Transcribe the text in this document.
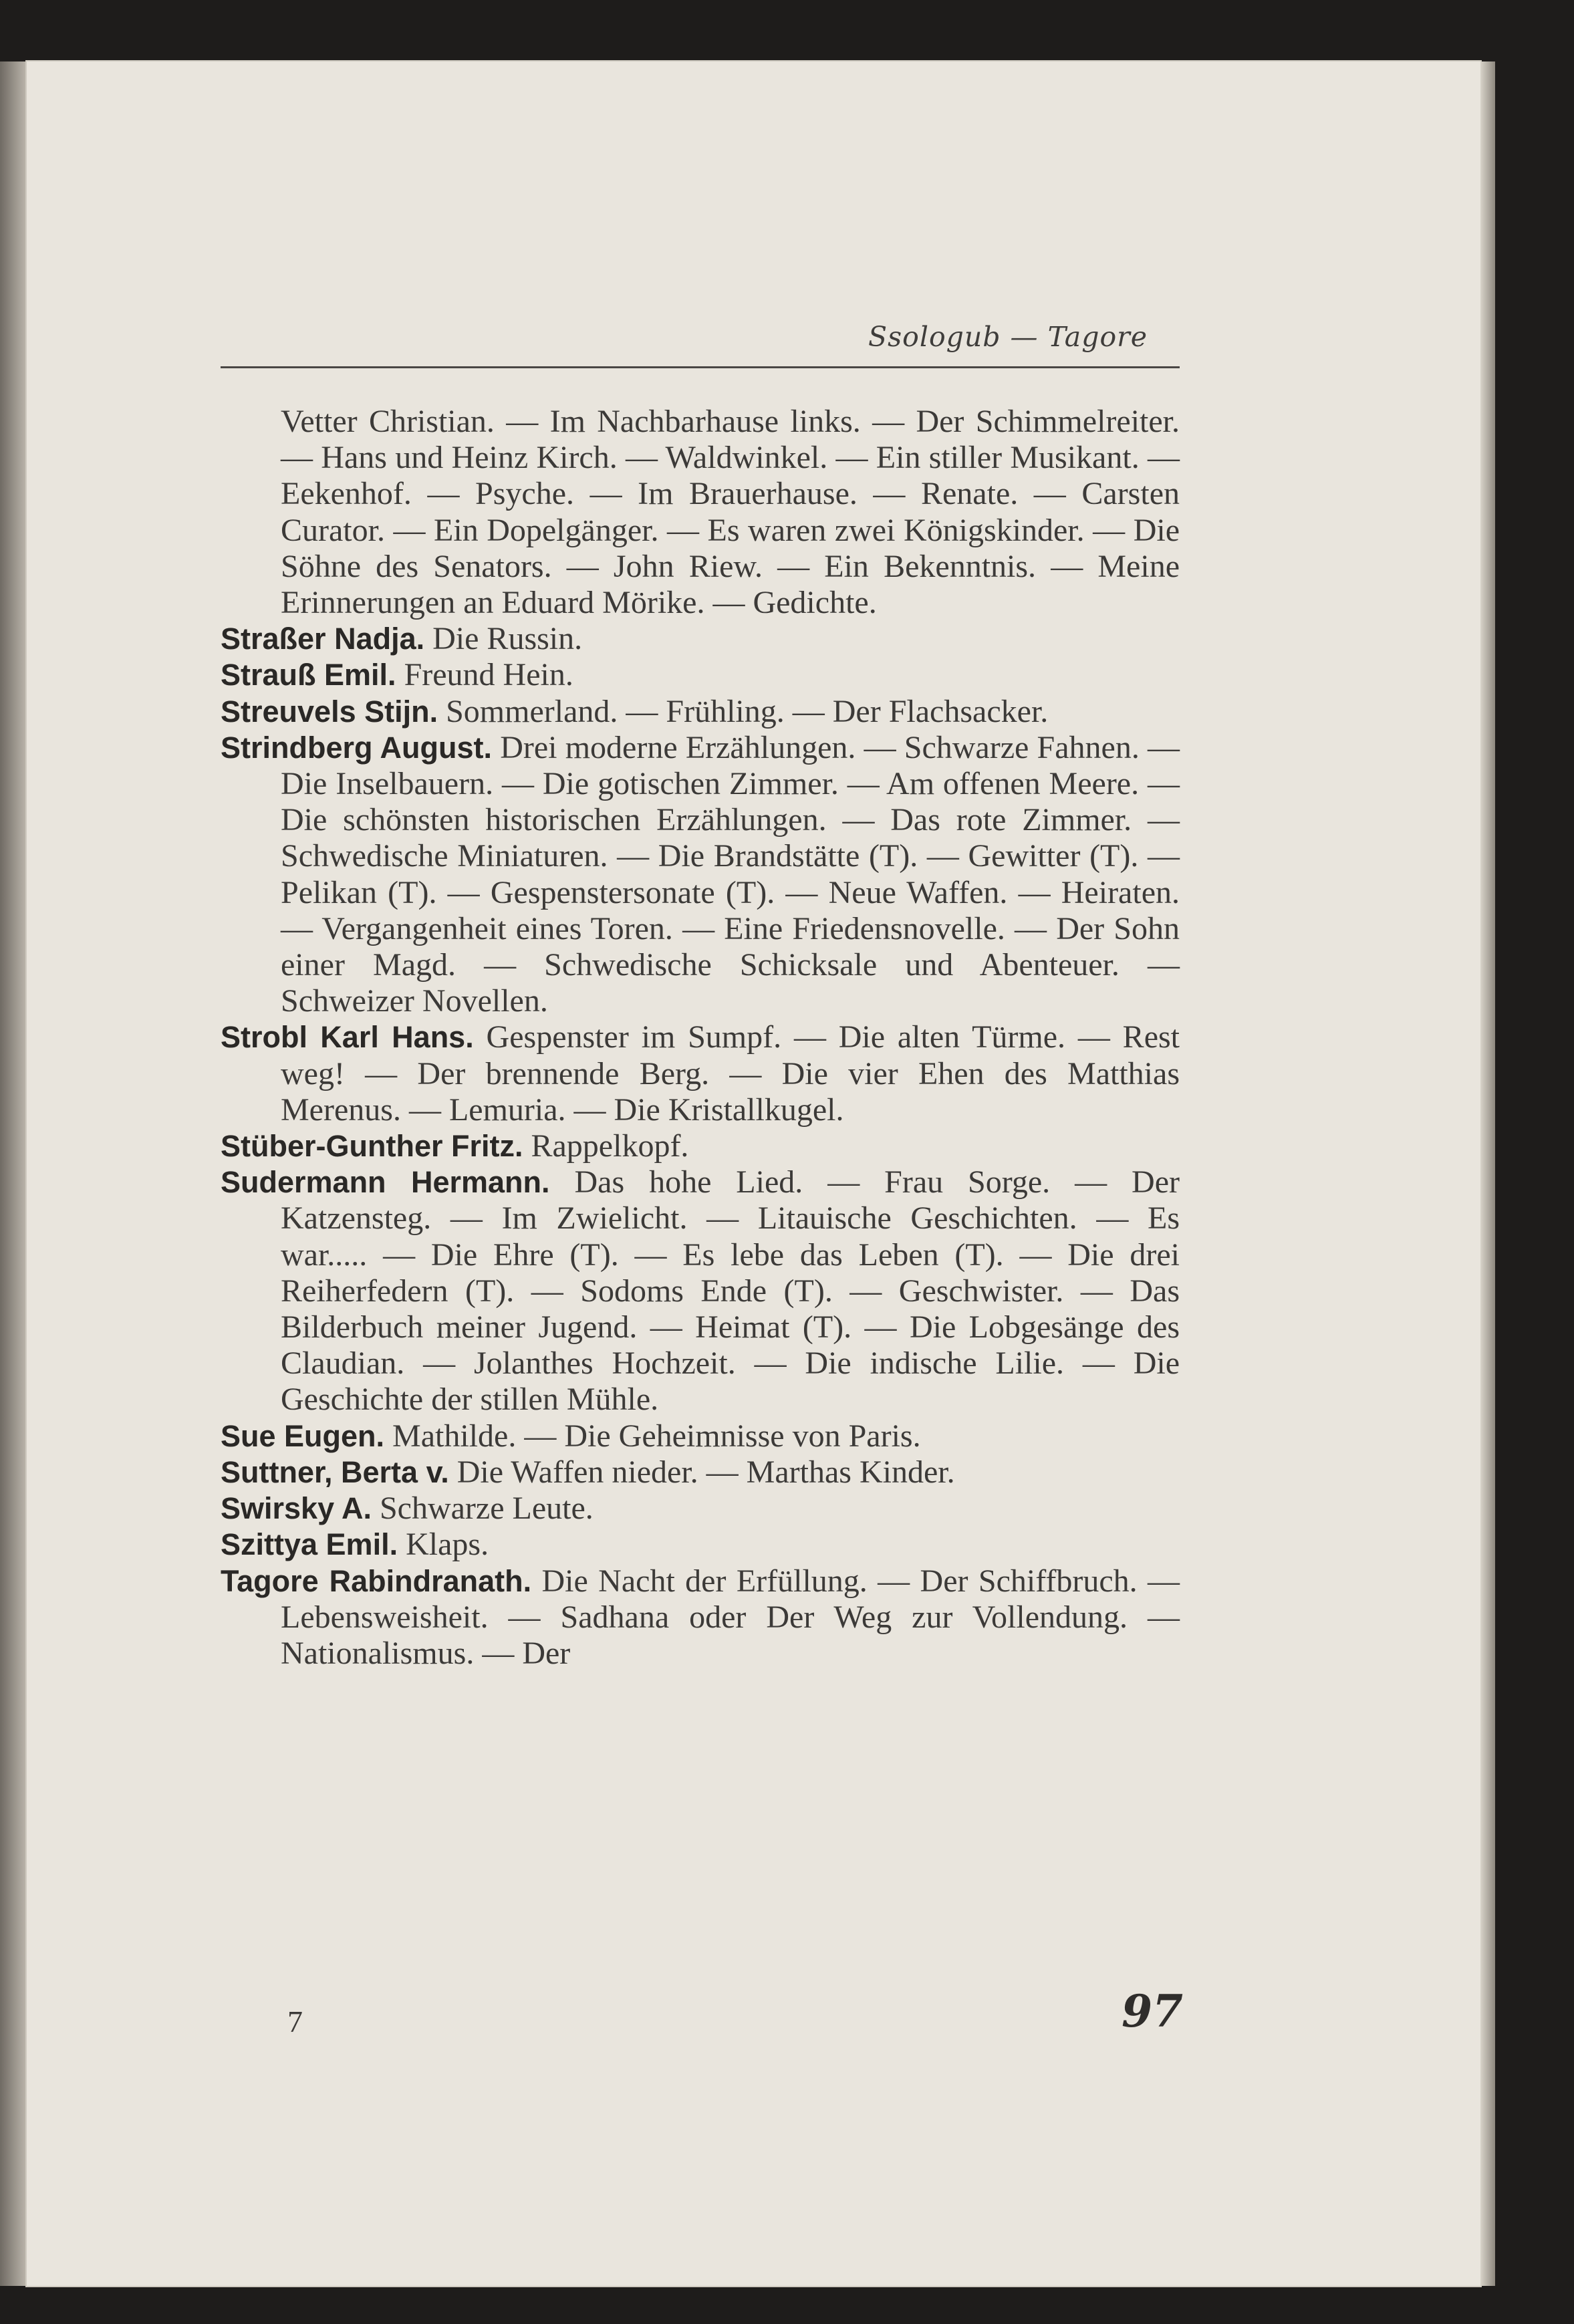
Ssologub — Tagore

Vetter Christian. — Im Nachbarhause links. — Der Schimmelreiter. — Hans und Heinz Kirch. — Waldwinkel. — Ein stiller Musikant. — Eekenhof. — Psyche. — Im Brauerhause. — Renate. — Carsten Curator. — Ein Dopelgänger. — Es waren zwei Königskinder. — Die Söhne des Senators. — John Riew. — Ein Bekenntnis. — Meine Erinnerungen an Eduard Mörike. — Gedichte.

Straßer Nadja. Die Russin.

Strauß Emil. Freund Hein.

Streuvels Stijn. Sommerland. — Frühling. — Der Flachsacker.

Strindberg August. Drei moderne Erzählungen. — Schwarze Fahnen. — Die Inselbauern. — Die gotischen Zimmer. — Am offenen Meere. — Die schönsten historischen Erzählungen. — Das rote Zimmer. — Schwedische Miniaturen. — Die Brandstätte (T). — Gewitter (T). — Pelikan (T). — Gespenstersonate (T). — Neue Waffen. — Heiraten. — Vergangenheit eines Toren. — Eine Friedensnovelle. — Der Sohn einer Magd. — Schwedische Schicksale und Abenteuer. — Schweizer Novellen.

Strobl Karl Hans. Gespenster im Sumpf. — Die alten Türme. — Rest weg! — Der brennende Berg. — Die vier Ehen des Matthias Merenus. — Lemuria. — Die Kristallkugel.

Stüber-Gunther Fritz. Rappelkopf.

Sudermann Hermann. Das hohe Lied. — Frau Sorge. — Der Katzensteg. — Im Zwielicht. — Litauische Geschichten. — Es war..... — Die Ehre (T). — Es lebe das Leben (T). — Die drei Reiherfedern (T). — Sodoms Ende (T). — Geschwister. — Das Bilderbuch meiner Jugend. — Heimat (T). — Die Lobgesänge des Claudian. — Jolanthes Hochzeit. — Die indische Lilie. — Die Geschichte der stillen Mühle.

Sue Eugen. Mathilde. — Die Geheimnisse von Paris.

Suttner, Berta v. Die Waffen nieder. — Marthas Kinder.

Swirsky A. Schwarze Leute.

Szittya Emil. Klaps.

Tagore Rabindranath. Die Nacht der Erfüllung. — Der Schiffbruch. — Lebensweisheit. — Sadhana oder Der Weg zur Vollendung. — Nationalismus. — Der

7	97
